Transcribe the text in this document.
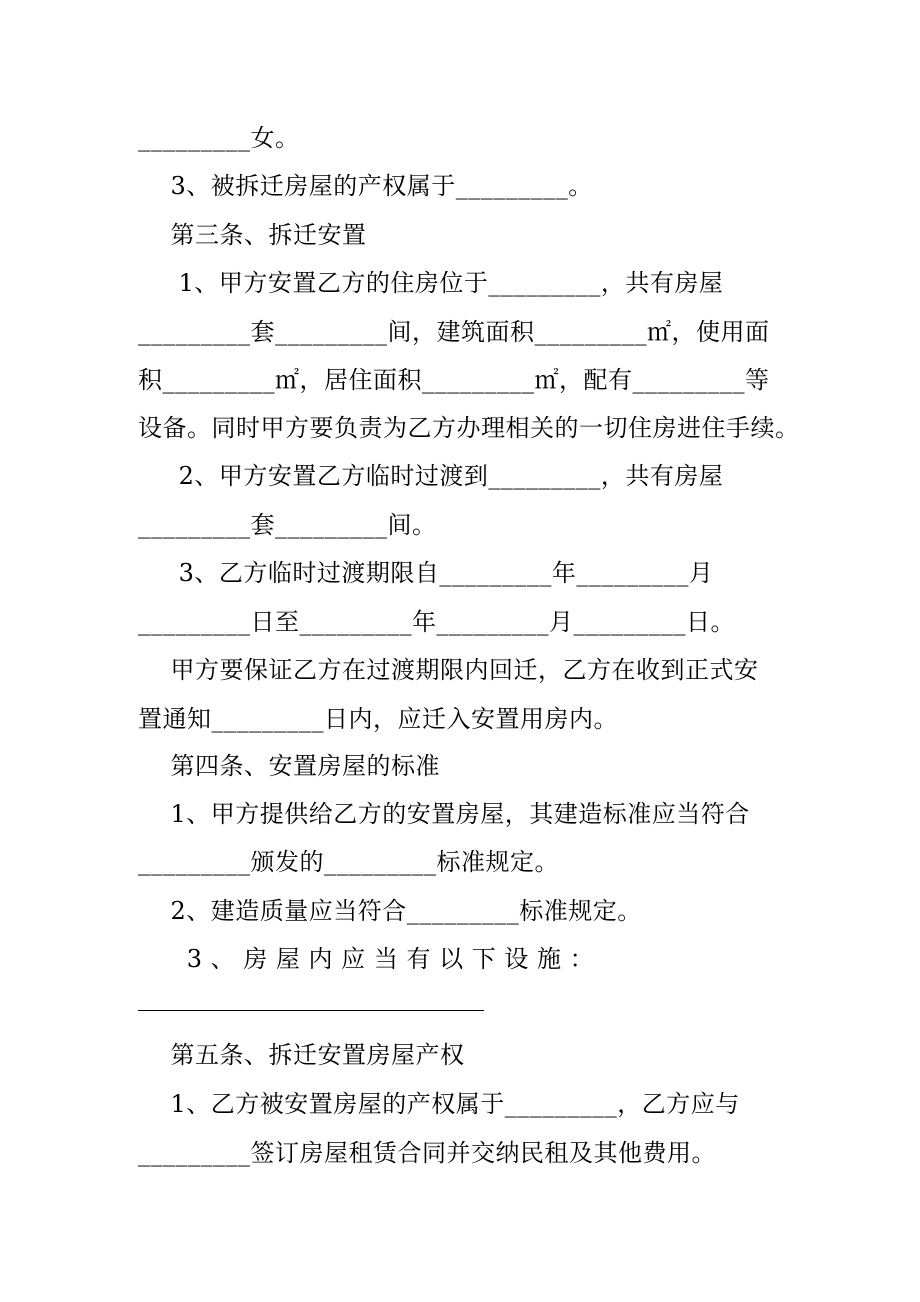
_________女。
3、被拆迁房屋的产权属于_________。
第三条、拆迁安置
1、甲方安置乙方的住房位于_________，共有房屋
_________套_________间，建筑面积_________㎡，使用面
积_________㎡，居住面积_________㎡，配有_________等
设备。同时甲方要负责为乙方办理相关的一切住房进住手续。
2、甲方安置乙方临时过渡到_________，共有房屋
_________套_________间。
3、乙方临时过渡期限自_________年_________月
_________日至_________年_________月_________日。
甲方要保证乙方在过渡期限内回迁，乙方在收到正式安
置通知_________日内，应迁入安置用房内。
第四条、安置房屋的标准
1、甲方提供给乙方的安置房屋，其建造标准应当符合
_________颁发的_________标准规定。
2、建造质量应当符合_________标准规定。
3 、 房 屋 内 应 当 有 以 下 设 施 ：
第五条、拆迁安置房屋产权
1、乙方被安置房屋的产权属于_________，乙方应与
_________签订房屋租赁合同并交纳民租及其他费用。
